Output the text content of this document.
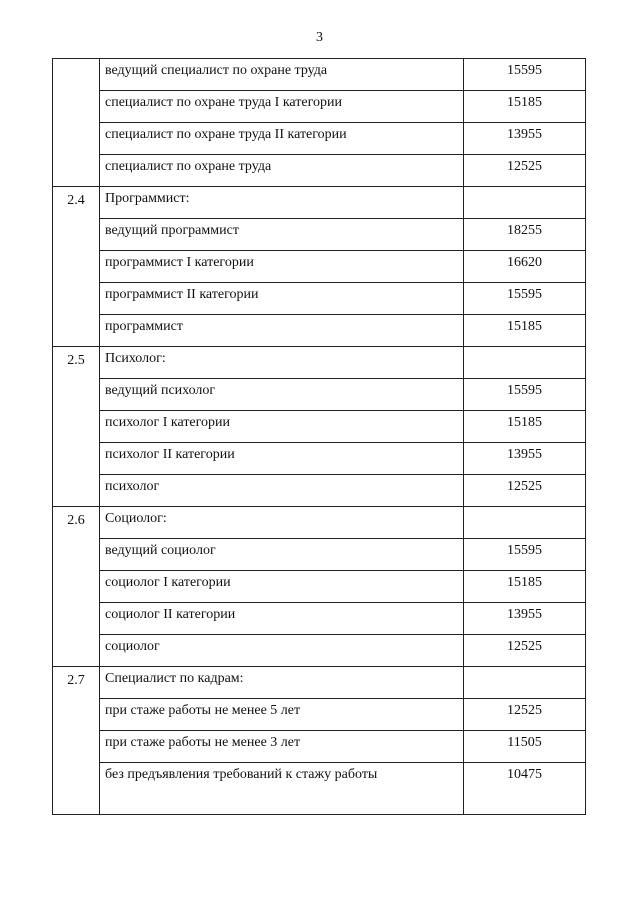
3
	ведущий специалист по охране труда	15595
	специалист по охране труда I категории	15185
	специалист по охране труда II категории	13955
	специалист по охране труда	12525
2.4	Программист:	
	ведущий программист	18255
	программист I категории	16620
	программист II категории	15595
	программист	15185
2.5	Психолог:	
	ведущий психолог	15595
	психолог I категории	15185
	психолог II категории	13955
	психолог	12525
2.6	Социолог:	
	ведущий социолог	15595
	социолог I категории	15185
	социолог II категории	13955
	социолог	12525
2.7	Специалист по кадрам:	
	при стаже работы не менее 5 лет	12525
	при стаже работы не менее 3 лет	11505
	без предъявления требований к стажу работы	10475
